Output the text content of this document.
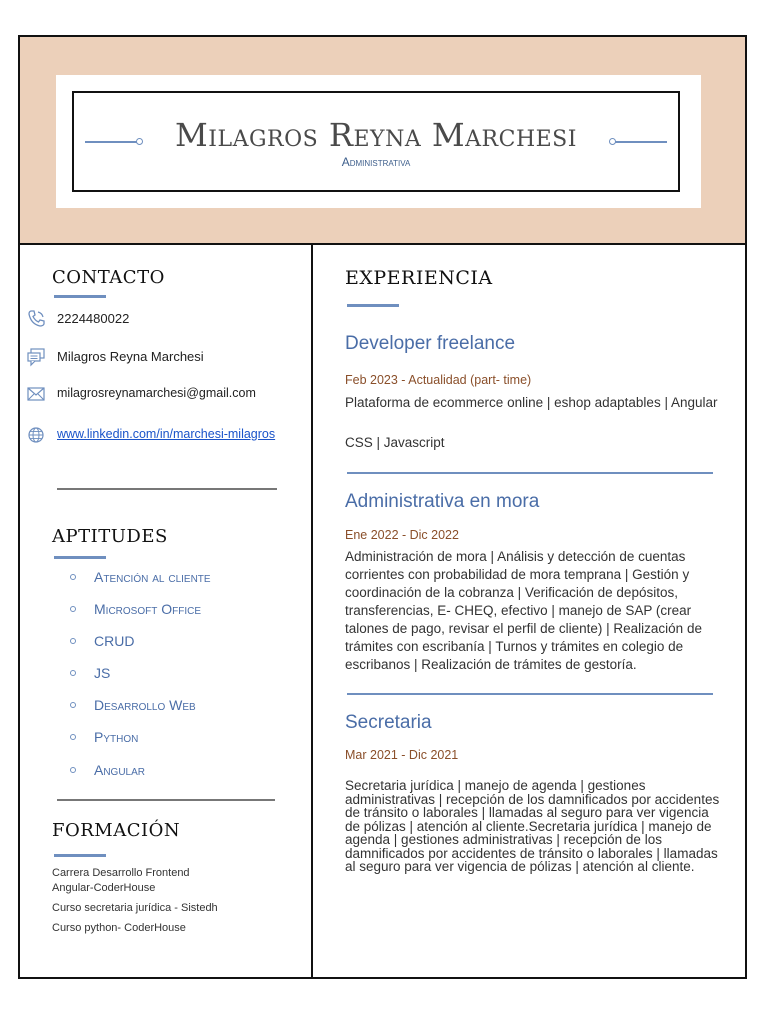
Milagros Reyna Marchesi
Administrativa
CONTACTO
2224480022
Milagros Reyna Marchesi
milagrosreynamarchesi@gmail.com
www.linkedin.com/in/marchesi-milagros
APTITUDES
Atención al cliente
Microsoft Office
CRUD
JS
Desarrollo Web
Python
Angular
FORMACIÓN
Carrera Desarrollo Frontend Angular-CoderHouse
Curso secretaria jurídica - Sistedh
Curso python- CoderHouse
EXPERIENCIA
Developer freelance
Feb 2023 - Actualidad (part- time)
Plataforma de ecommerce online | eshop adaptables | Angular
CSS | Javascript
Administrativa en mora
Ene 2022 - Dic 2022
Administración de mora | Análisis y detección de cuentas corrientes con probabilidad de mora temprana | Gestión y coordinación de la cobranza | Verificación de depósitos, transferencias, E- CHEQ, efectivo | manejo de SAP (crear talones de pago, revisar el perfil de cliente) | Realización de trámites con escribanía | Turnos y trámites en colegio de escribanos | Realización de trámites de gestoría.
Secretaria
Mar 2021 - Dic 2021
Secretaria jurídica | manejo de agenda | gestiones administrativas | recepción de los damnificados por accidentes de tránsito o laborales | llamadas al seguro para ver vigencia de pólizas | atención al cliente.Secretaria jurídica | manejo de agenda | gestiones administrativas | recepción de los damnificados por accidentes de tránsito o laborales | llamadas al seguro para ver vigencia de pólizas | atención al cliente.
